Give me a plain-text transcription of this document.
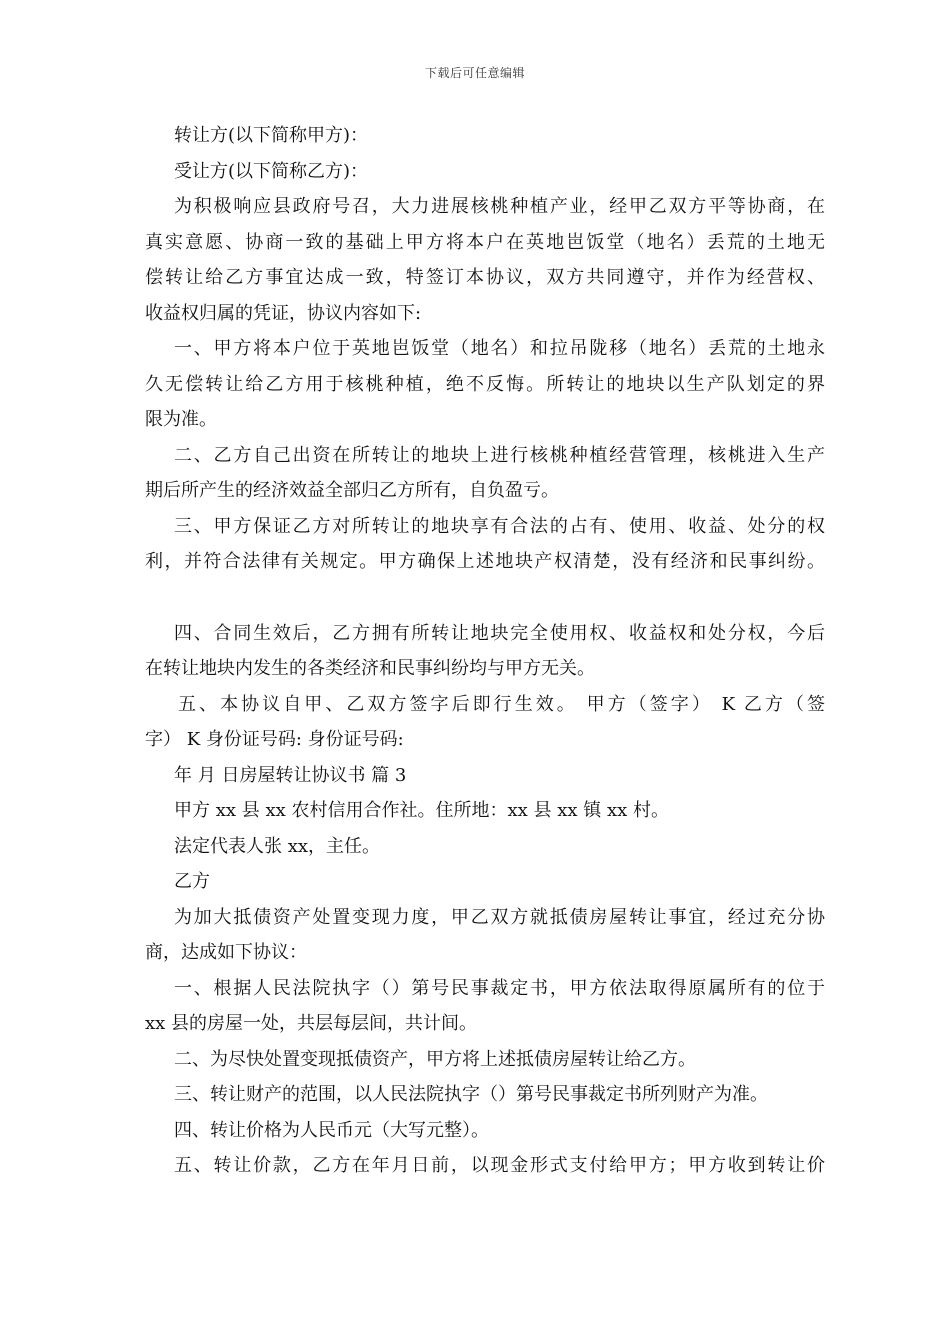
下载后可任意编辑
转让方(以下简称甲方)：
受让方(以下简称乙方)：
为积极响应县政府号召，大力进展核桃种植产业，经甲乙双方平等协商，在
真实意愿、协商一致的基础上甲方将本户在英地岜饭堂（地名）丢荒的土地无
偿转让给乙方事宜达成一致，特签订本协议，双方共同遵守，并作为经营权、
收益权归属的凭证，协议内容如下:
一、甲方将本户位于英地岜饭堂（地名）和拉吊陇移（地名）丢荒的土地永
久无偿转让给乙方用于核桃种植，绝不反悔。所转让的地块以生产队划定的界
限为准。
二、乙方自己出资在所转让的地块上进行核桃种植经营管理，核桃进入生产
期后所产生的经济效益全部归乙方所有，自负盈亏。
三、甲方保证乙方对所转让的地块享有合法的占有、使用、收益、处分的权
利，并符合法律有关规定。甲方确保上述地块产权清楚，没有经济和民事纠纷。
四、合同生效后，乙方拥有所转让地块完全使用权、收益权和处分权，今后
在转让地块内发生的各类经济和民事纠纷均与甲方无关。
五、本协议自甲、乙双方签字后即行生效。 甲方（签字） K 乙方（签
字） K 身份证号码: 身份证号码:
年 月 日房屋转让协议书 篇 3
甲方 xx 县 xx 农村信用合作社。住所地：xx 县 xx 镇 xx 村。
法定代表人张 xx，主任。
乙方
为加大抵债资产处置变现力度，甲乙双方就抵债房屋转让事宜，经过充分协
商，达成如下协议：
一、根据人民法院执字（）第号民事裁定书，甲方依法取得原属所有的位于
xx 县的房屋一处，共层每层间，共计间。
二、为尽快处置变现抵债资产，甲方将上述抵债房屋转让给乙方。
三、转让财产的范围，以人民法院执字（）第号民事裁定书所列财产为准。
四、转让价格为人民币元（大写元整）。
五、转让价款，乙方在年月日前，以现金形式支付给甲方；甲方收到转让价
